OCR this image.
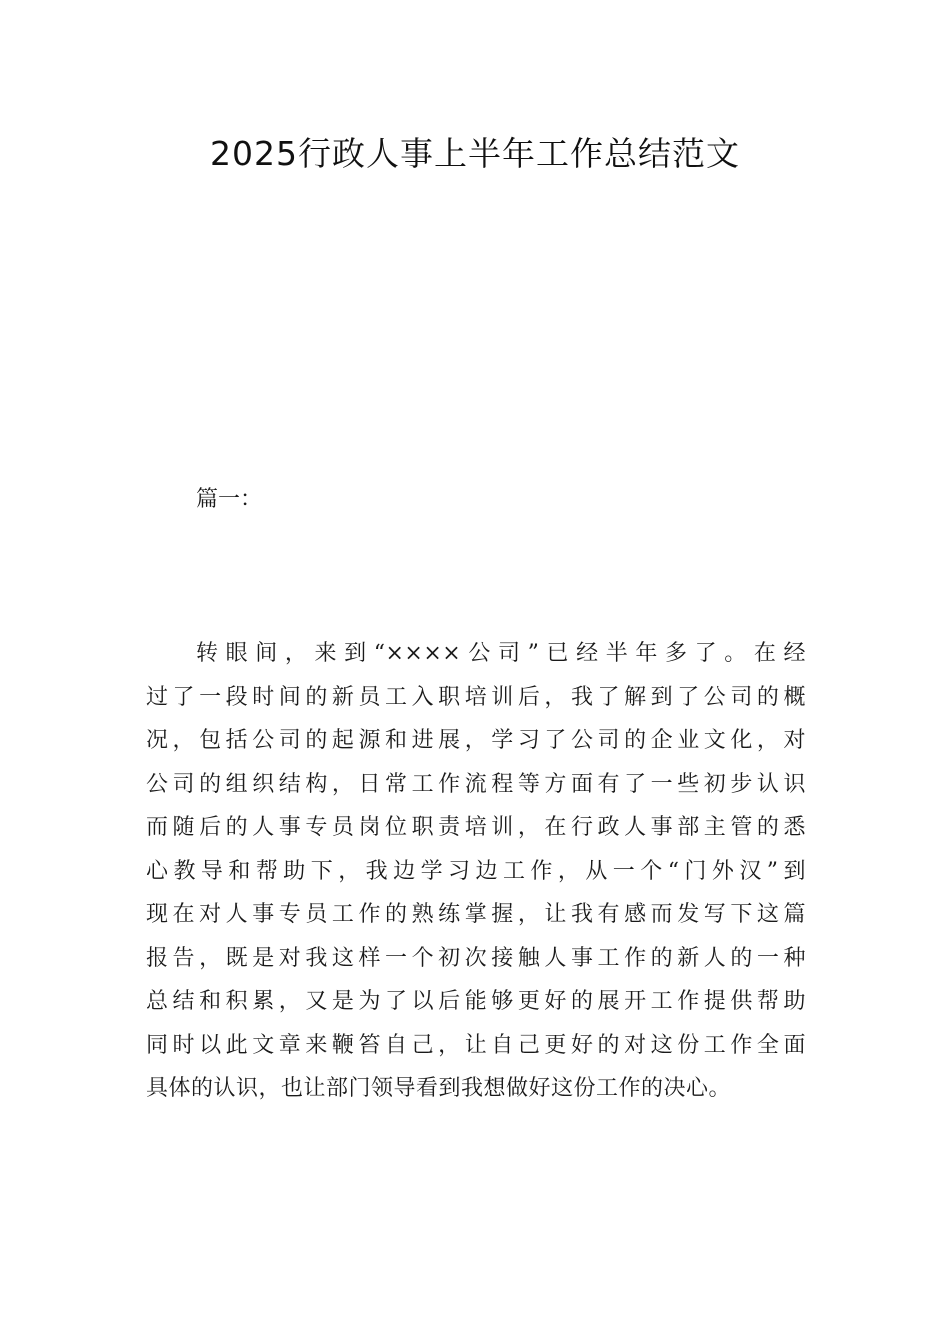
2025行政人事上半年工作总结范文

篇一：

转眼间，来到“××××公司”已经半年多了。在经
过了一段时间的新员工入职培训后，我了解到了公司的概
况，包括公司的起源和进展，学习了公司的企业文化，对
公司的组织结构，日常工作流程等方面有了一些初步认识
而随后的人事专员岗位职责培训，在行政人事部主管的悉
心教导和帮助下，我边学习边工作，从一个“门外汉”到
现在对人事专员工作的熟练掌握，让我有感而发写下这篇
报告，既是对我这样一个初次接触人事工作的新人的一种
总结和积累，又是为了以后能够更好的展开工作提供帮助
同时以此文章来鞭笞自己，让自己更好的对这份工作全面
具体的认识，也让部门领导看到我想做好这份工作的决心。
